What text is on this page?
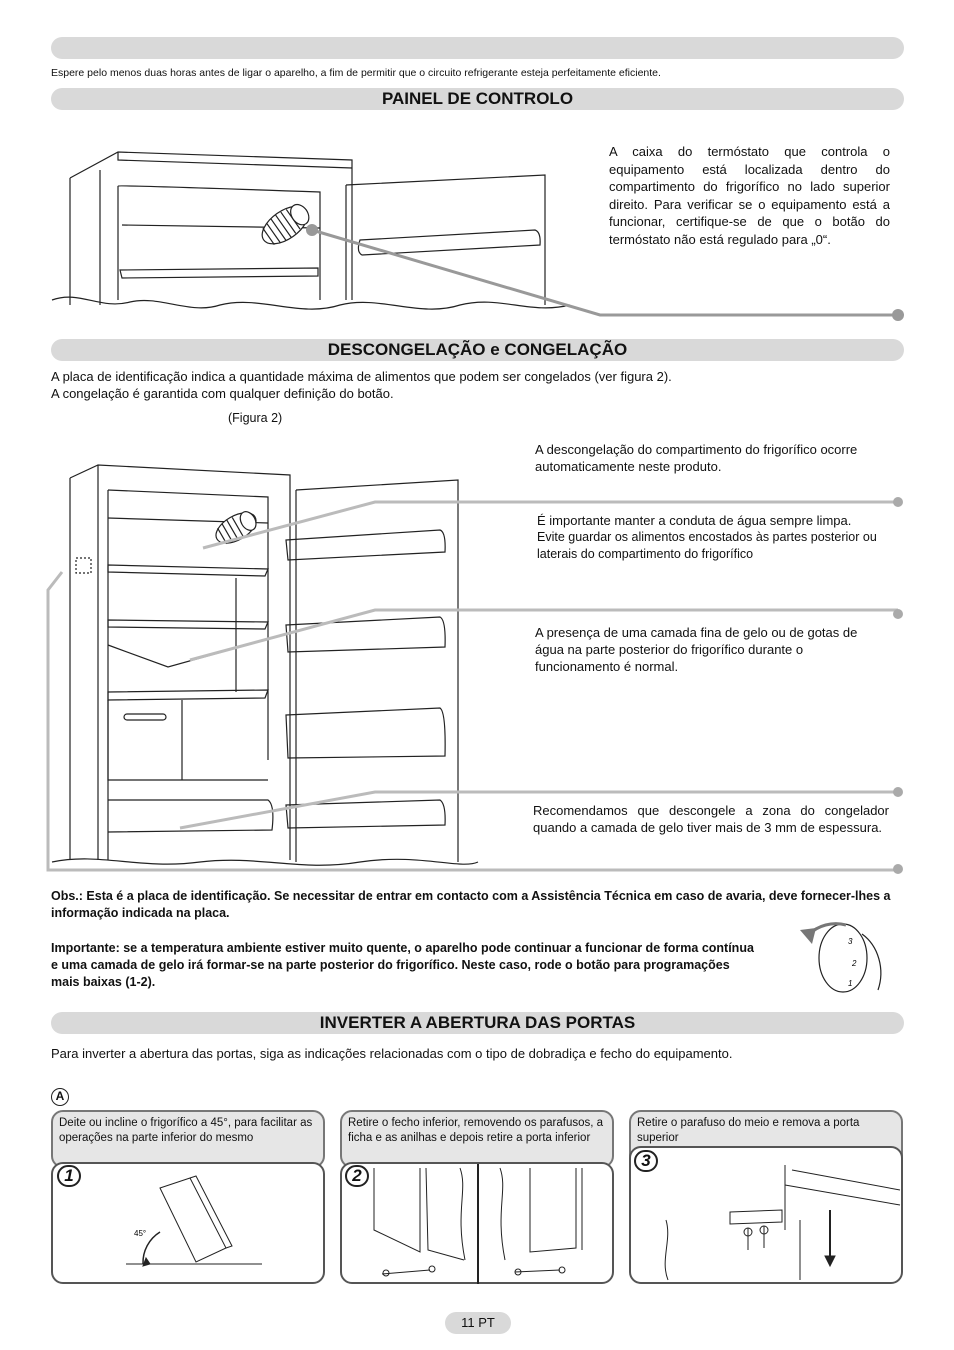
Espere pelo menos duas horas antes de ligar o aparelho, a fim de permitir que o circuito refrigerante esteja perfeitamente eficiente.
PAINEL DE CONTROLO
A caixa do termóstato que controla o equipamento está localizada dentro do compartimento do frigorífico no lado superior direito. Para verificar se o equipamento está a funcionar, certifique-se de que o botão do termóstato não está regulado para „0“.
DESCONGELAÇÃO e CONGELAÇÃO
A placa de identificação indica a quantidade máxima de alimentos que podem ser congelados (ver figura 2).
A congelação é garantida com qualquer definição do botão.
(Figura 2)
A descongelação do compartimento do frigorífico ocorre automaticamente neste produto.
É importante manter a conduta de água sempre limpa.
Evite guardar os alimentos encostados às partes posterior ou laterais do compartimento do frigorífico
A presença de uma camada fina de gelo ou de gotas de água na parte posterior do frigorífico durante o funcionamento é normal.
Recomendamos que descongele a zona do congelador quando a camada de gelo tiver mais de 3 mm de espessura.
Obs.: Esta é a placa de identificação. Se necessitar de entrar em contacto com a Assistência Técnica em caso de avaria, deve fornecer-lhes a informação indicada na placa.
Importante: se a temperatura ambiente estiver muito quente, o aparelho pode continuar a funcionar de forma contínua e uma camada de gelo irá formar-se na parte posterior do frigorífico. Neste caso, rode o botão para programações mais baixas (1-2).
3
2
1
INVERTER A ABERTURA DAS PORTAS
Para inverter a abertura das portas, siga as indicações relacionadas com o tipo de dobradiça e fecho do equipamento.
A
Deite ou incline o frigorífico a 45°, para facilitar as operações na parte inferior do mesmo
1
45°
Retire o fecho inferior, removendo os parafusos, a ficha e as anilhas e depois retire a porta inferior
2
Retire o parafuso do meio e remova a porta superior
3
11 PT
